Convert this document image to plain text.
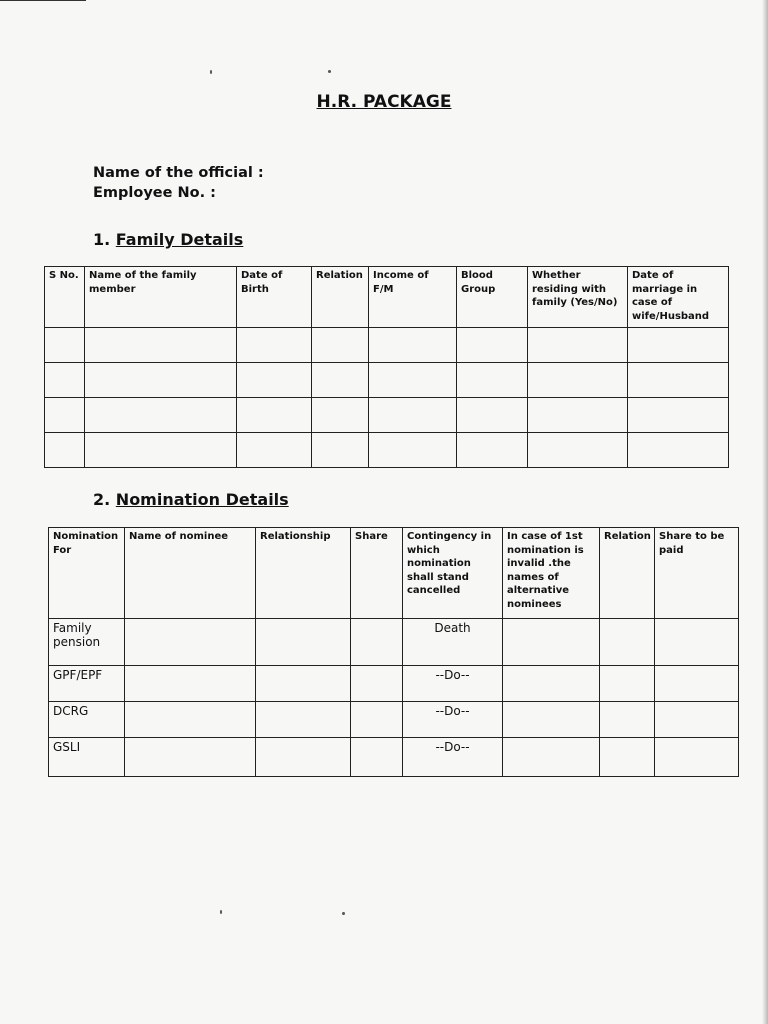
H.R. PACKAGE
Name of the official :
Employee No. :
1. Family Details
S No.	Name of the family member	Date of Birth	Relation	Income of F/M	Blood Group	Whether residing with family (Yes/No)	Date of marriage in case of wife/Husband

2. Nomination Details
Nomination For	Name of nominee	Relationship	Share	Contingency in which nomination shall stand cancelled	In case of 1st nomination is invalid .the names of alternative nominees	Relation	Share to be paid
Family pension				Death			
GPF/EPF				--Do--			
DCRG				--Do--			
GSLI				--Do--			
